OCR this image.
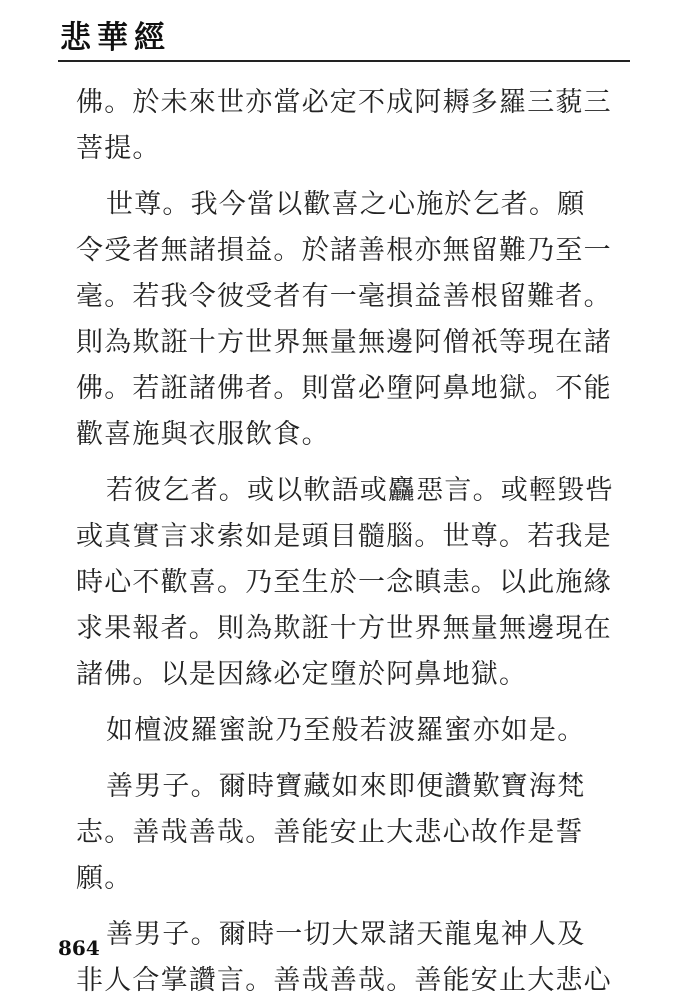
悲華經
佛。於未來世亦當必定不成阿耨多羅三藐三
菩提。
世尊。我今當以歡喜之心施於乞者。願
令受者無諸損益。於諸善根亦無留難乃至一
毫。若我令彼受者有一毫損益善根留難者。
則為欺誑十方世界無量無邊阿僧祇等現在諸
佛。若誑諸佛者。則當必墮阿鼻地獄。不能
歡喜施與衣服飲食。
若彼乞者。或以軟語或麤惡言。或輕毀呰
或真實言求索如是頭目髓腦。世尊。若我是
時心不歡喜。乃至生於一念瞋恚。以此施緣
求果報者。則為欺誑十方世界無量無邊現在
諸佛。以是因緣必定墮於阿鼻地獄。
如檀波羅蜜說乃至般若波羅蜜亦如是。
善男子。爾時寶藏如來即便讚歎寶海梵
志。善哉善哉。善能安止大悲心故作是誓
願。
善男子。爾時一切大眾諸天龍鬼神人及
非人合掌讚言。善哉善哉。善能安止大悲心
864
